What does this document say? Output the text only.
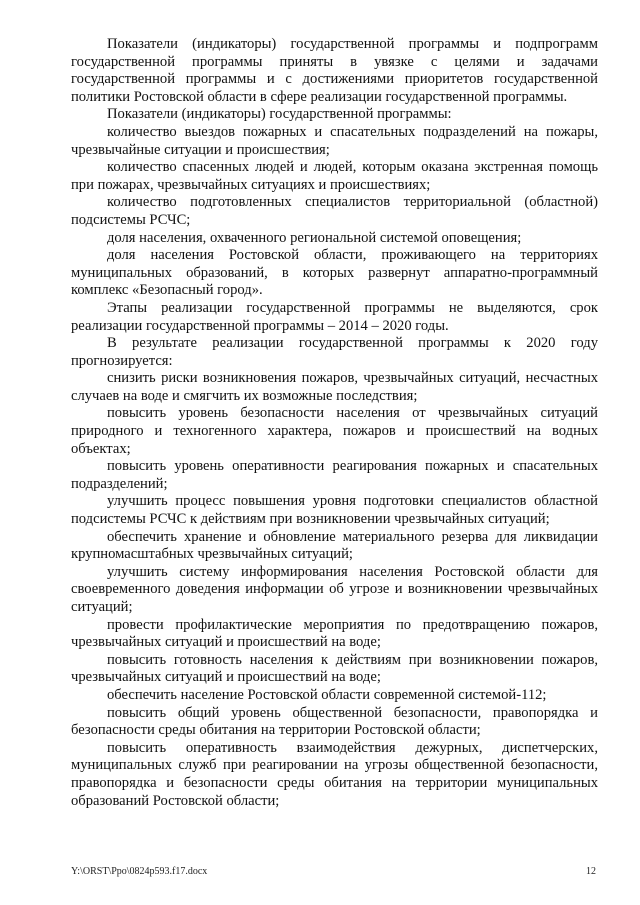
Показатели (индикаторы) государственной программы и подпрограмм государственной программы приняты в увязке с целями и задачами государственной программы и с достижениями приоритетов государственной политики Ростовской области в сфере реализации государственной программы.

Показатели (индикаторы) государственной программы:

количество выездов пожарных и спасательных подразделений на пожары, чрезвычайные ситуации и происшествия;

количество спасенных людей и людей, которым оказана экстренная помощь при пожарах, чрезвычайных ситуациях и происшествиях;

количество подготовленных специалистов территориальной (областной) подсистемы РСЧС;

доля населения, охваченного региональной системой оповещения;

доля населения Ростовской области, проживающего на территориях муниципальных образований, в которых развернут аппаратно-программный комплекс «Безопасный город».

Этапы реализации государственной программы не выделяются, срок реализации государственной программы – 2014 – 2020 годы.

В результате реализации государственной программы к 2020 году прогнозируется:

снизить риски возникновения пожаров, чрезвычайных ситуаций, несчастных случаев на воде и смягчить их возможные последствия;

повысить уровень безопасности населения от чрезвычайных ситуаций природного и техногенного характера, пожаров и происшествий на водных объектах;

повысить уровень оперативности реагирования пожарных и спасательных подразделений;

улучшить процесс повышения уровня подготовки специалистов областной подсистемы РСЧС к действиям при возникновении чрезвычайных ситуаций;

обеспечить хранение и обновление материального резерва для ликвидации крупномасштабных чрезвычайных ситуаций;

улучшить систему информирования населения Ростовской области для своевременного доведения информации об угрозе и возникновении чрезвычайных ситуаций;

провести профилактические мероприятия по предотвращению пожаров, чрезвычайных ситуаций и происшествий на воде;

повысить готовность населения к действиям при возникновении пожаров, чрезвычайных ситуаций и происшествий на воде;

обеспечить население Ростовской области современной системой-112;

повысить общий уровень общественной безопасности, правопорядка и безопасности среды обитания на территории Ростовской области;

повысить оперативность взаимодействия дежурных, диспетчерских, муниципальных служб при реагировании на угрозы общественной безопасности, правопорядка и безопасности среды обитания на территории муниципальных образований Ростовской области;

Y:\ORST\Ppo\0824p593.f17.docx	12
